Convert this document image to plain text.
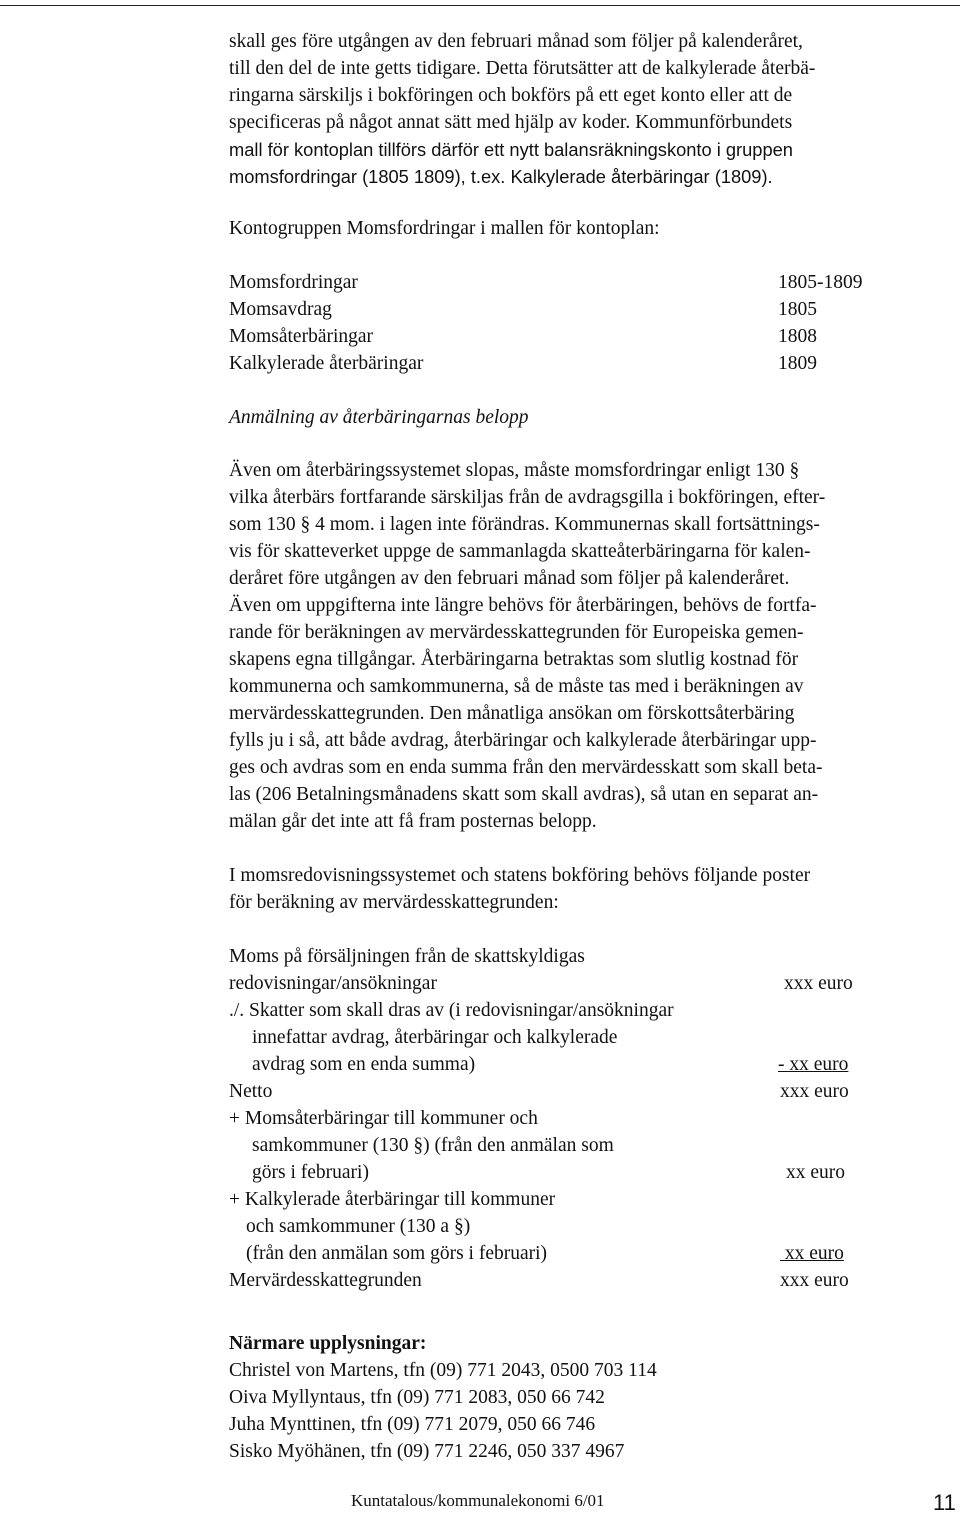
skall ges före utgången av den februari månad som följer på kalenderåret,
till den del de inte getts tidigare. Detta förutsätter att de kalkylerade återbä-
ringarna särskiljs i bokföringen och bokförs på ett eget konto eller att de
specificeras på något annat sätt med hjälp av koder. Kommunförbundets
mall för kontoplan tillförs därför ett nytt balansräkningskonto i gruppen
momsfordringar (1805 1809), t.ex. Kalkylerade återbäringar (1809).
Kontogruppen Momsfordringar i mallen för kontoplan:
Momsfordringar	1805-1809
Momsavdrag	1805
Momsåterbäringar	1808
Kalkylerade återbäringar	1809
Anmälning av återbäringarnas belopp
Även om återbäringssystemet slopas, måste momsfordringar enligt 130 §
vilka återbärs fortfarande särskiljas från de avdragsgilla i bokföringen, efter-
som 130 § 4 mom. i lagen inte förändras. Kommunernas skall fortsättnings-
vis för skatteverket uppge de sammanlagda skatteåterbäringarna för kalen-
deråret före utgången av den februari månad som följer på kalenderåret.
Även om uppgifterna inte längre behövs för återbäringen, behövs de fortfa-
rande för beräkningen av mervärdesskattegrunden för Europeiska gemen-
skapens egna tillgångar. Återbäringarna betraktas som slutlig kostnad för
kommunerna och samkommunerna, så de måste tas med i beräkningen av
mervärdesskattegrunden. Den månatliga ansökan om förskottsåterbäring
fylls ju i så, att både avdrag, återbäringar och kalkylerade återbäringar upp-
ges och avdras som en enda summa från den mervärdesskatt som skall beta-
las (206 Betalningsmånadens skatt som skall avdras), så utan en separat an-
mälan går det inte att få fram posternas belopp.
I momsredovisningssystemet och statens bokföring behövs följande poster
för beräkning av mervärdesskattegrunden:
Moms på försäljningen från de skattskyldigas
redovisningar/ansökningar	xxx euro
./. Skatter som skall dras av (i redovisningar/ansökningar
innefattar avdrag, återbäringar och kalkylerade
avdrag som en enda summa)	- xx euro
Netto	xxx euro
+ Momsåterbäringar till kommuner och
samkommuner (130 §) (från den anmälan som
görs i februari)	xx euro
+ Kalkylerade återbäringar till kommuner
och samkommuner (130 a §)
(från den anmälan som görs i februari)	xx euro
Mervärdesskattegrunden	xxx euro
Närmare upplysningar:
Christel von Martens, tfn (09) 771 2043, 0500 703 114
Oiva Myllyntaus, tfn (09) 771 2083, 050 66 742
Juha Mynttinen, tfn (09) 771 2079, 050 66 746
Sisko Myöhänen, tfn (09) 771 2246, 050 337 4967
Kuntatalous/kommunalekonomi 6/01	11
